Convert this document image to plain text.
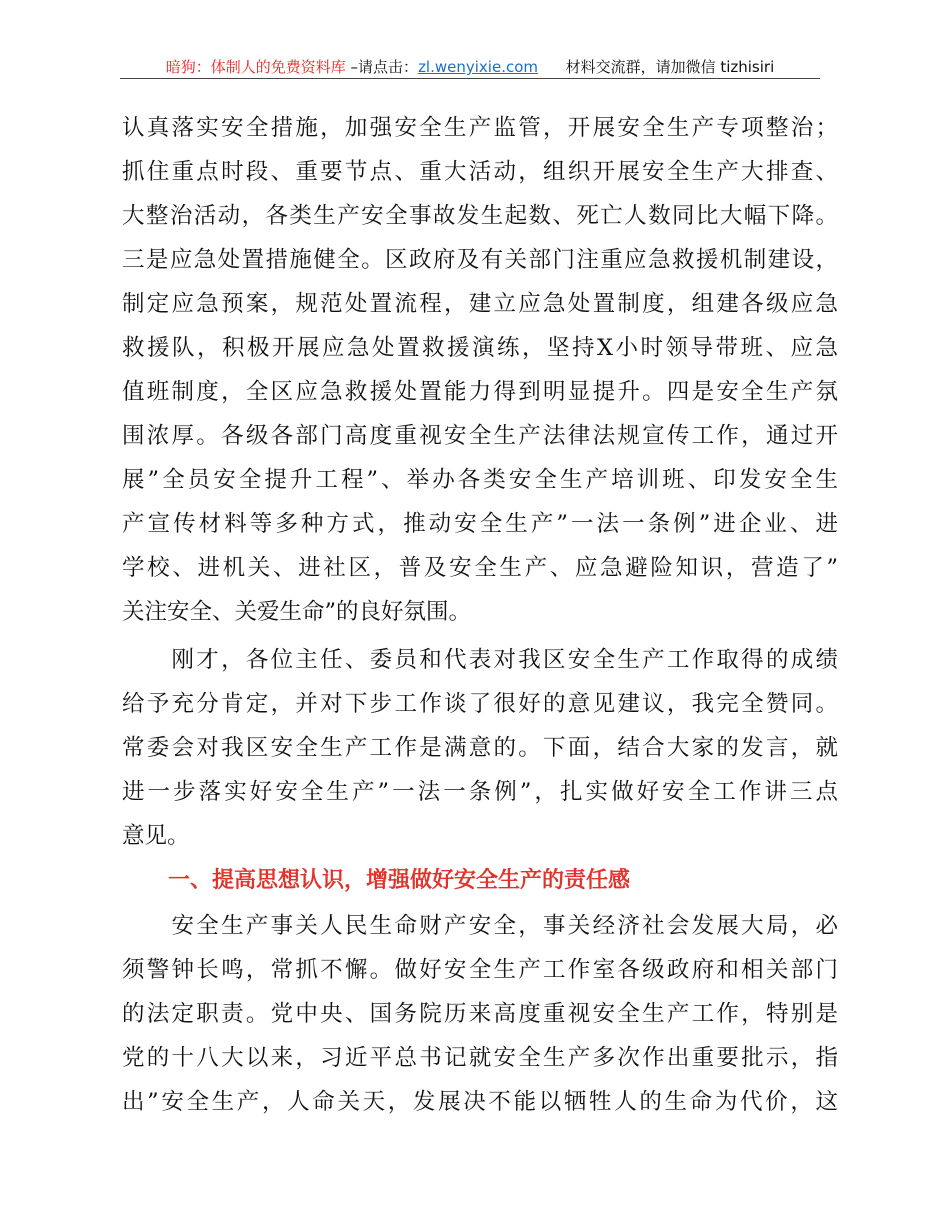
暗狗：体制人的免费资料库 –请点击：zl.wenyixie.com 材料交流群，请加微信 tizhisiri
认真落实安全措施，加强安全生产监管，开展安全生产专项整治；
抓住重点时段、重要节点、重大活动，组织开展安全生产大排查、
大整治活动，各类生产安全事故发生起数、死亡人数同比大幅下降。
三是应急处置措施健全。区政府及有关部门注重应急救援机制建设，
制定应急预案，规范处置流程，建立应急处置制度，组建各级应急
救援队，积极开展应急处置救援演练，坚持X小时领导带班、应急
值班制度，全区应急救援处置能力得到明显提升。四是安全生产氛
围浓厚。各级各部门高度重视安全生产法律法规宣传工作，通过开
展”全员安全提升工程”、举办各类安全生产培训班、印发安全生
产宣传材料等多种方式，推动安全生产”一法一条例”进企业、进
学校、进机关、进社区，普及安全生产、应急避险知识，营造了”
关注安全、关爱生命”的良好氛围。
　　刚才，各位主任、委员和代表对我区安全生产工作取得的成绩
给予充分肯定，并对下步工作谈了很好的意见建议，我完全赞同。
常委会对我区安全生产工作是满意的。下面，结合大家的发言，就
进一步落实好安全生产”一法一条例”，扎实做好安全工作讲三点
意见。
一、提高思想认识，增强做好安全生产的责任感
　　安全生产事关人民生命财产安全，事关经济社会发展大局，必
须警钟长鸣，常抓不懈。做好安全生产工作室各级政府和相关部门
的法定职责。党中央、国务院历来高度重视安全生产工作，特别是
党的十八大以来，习近平总书记就安全生产多次作出重要批示，指
出”安全生产，人命关天，发展决不能以牺牲人的生命为代价，这
